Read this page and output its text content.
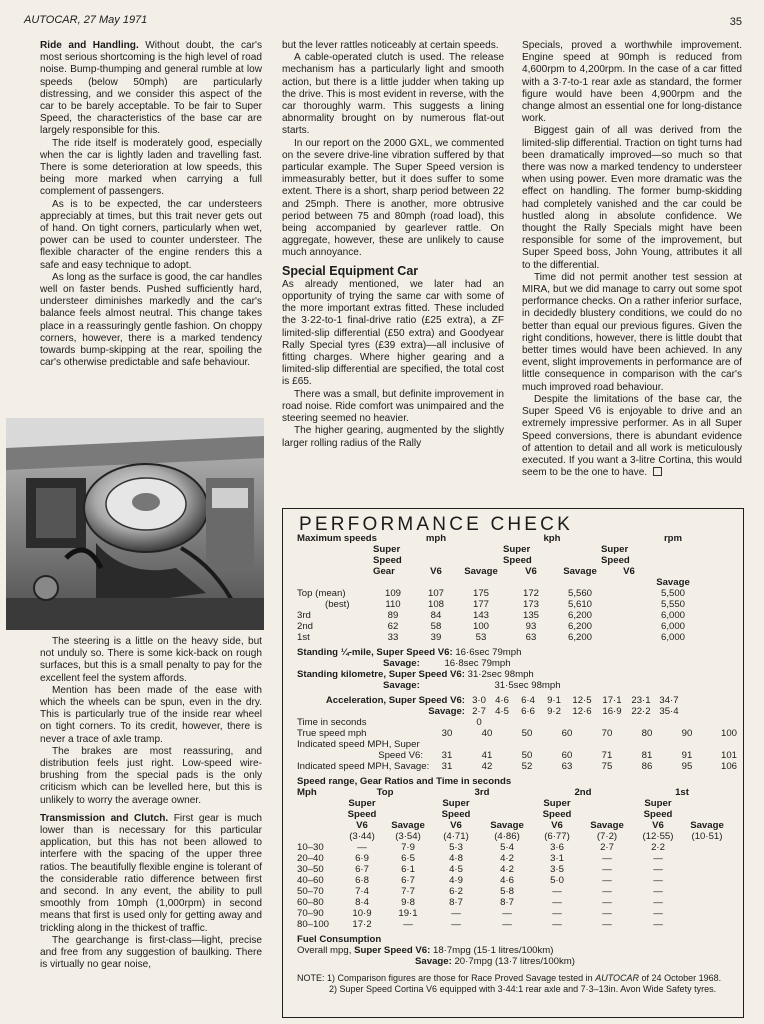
AUTOCAR, 27 May 1971	35

Ride and Handling. Without doubt, the car's most serious shortcoming is the high level of road noise. Bump-thumping and general rumble at low speeds (below 50mph) are particularly distressing, and we consider this aspect of the car to be barely acceptable. To be fair to Super Speed, the characteristics of the base car are largely responsible for this.

The ride itself is moderately good, especially when the car is lightly laden and travelling fast. There is some deterioration at low speeds, this being more marked when carrying a full complement of passengers.

As is to be expected, the car understeers appreciably at times, but this trait never gets out of hand. On tight corners, particularly when wet, power can be used to counter understeer. The flexible character of the engine renders this a safe and easy technique to adopt.

As long as the surface is good, the car handles well on faster bends. Pushed sufficiently hard, understeer diminishes markedly and the car's balance feels almost neutral. This change takes place in a reassuringly gentle fashion. On choppy corners, however, there is a marked tendency towards bump-skipping at the rear, spoiling the car's otherwise predictable and safe behaviour.

The steering is a little on the heavy side, but not unduly so. There is some kick-back on rough surfaces, but this is a small penalty to pay for the excellent feel the system affords.

Mention has been made of the ease with which the wheels can be spun, even in the dry. This is particularly true of the inside rear wheel on tight corners. To its credit, however, there is never a trace of axle tramp.

The brakes are most reassuring, and distribution feels just right. Low-speed wire-brushing from the special pads is the only criticism which can be levelled here, but this is unlikely to worry the average owner.

Transmission and Clutch. First gear is much lower than is necessary for this particular application, but this has not been allowed to interfere with the spacing of the upper three ratios. The beautifully flexible engine is tolerant of the considerable ratio difference between first and second. In any event, the ability to pull smoothly from 10mph (1,000rpm) in second means that first is used only for getting away and trickling along in the thickest of traffic.

The gearchange is first-class—light, precise and free from any suggestion of baulking. There is virtually no gear noise,

but the lever rattles noticeably at certain speeds.

A cable-operated clutch is used. The release mechanism has a particularly light and smooth action, but there is a little judder when taking up the drive. This is most evident in reverse, with the car thoroughly warm. This suggests a lining abnormality brought on by numerous flat-out starts.

In our report on the 2000 GXL, we commented on the severe drive-line vibration suffered by that particular example. The Super Speed version is immeasurably better, but it does suffer to some extent. There is a short, sharp period between 22 and 25mph. There is another, more obtrusive period between 75 and 80mph (road load), this being accompanied by gearlever rattle. On aggregate, however, these are unlikely to cause much annoyance.

Special Equipment Car

As already mentioned, we later had an opportunity of trying the same car with some of the more important extras fitted. These included the 3·22-to-1 final-drive ratio (£25 extra), a ZF limited-slip differential (£50 extra) and Goodyear Rally Special tyres (£39 extra)—all inclusive of fitting charges. Where higher gearing and a limited-slip differential are specified, the total cost is £65.

There was a small, but definite improvement in road noise. Ride comfort was unimpaired and the steering seemed no heavier.

The higher gearing, augmented by the slightly larger rolling radius of the Rally

Specials, proved a worthwhile improvement. Engine speed at 90mph is reduced from 4,600rpm to 4,200rpm. In the case of a car fitted with a 3·7-to-1 rear axle as standard, the former figure would have been 4,900rpm and the change almost an essential one for long-distance work.

Biggest gain of all was derived from the limited-slip differential. Traction on tight turns had been dramatically improved—so much so that there was now a marked tendency to understeer when using power. Even more dramatic was the effect on handling. The former bump-skidding had completely vanished and the car could be hustled along in absolute confidence. We thought the Rally Specials might have been responsible for some of the improvement, but Super Speed boss, John Young, attributes it all to the differential.

Time did not permit another test session at MIRA, but we did manage to carry out some spot performance checks. On a rather inferior surface, in decidedly blustery conditions, we could do no better than equal our previous figures. Given the right conditions, however, there is little doubt that better times would have been achieved. In any event, slight improvements in performance are of little consequence in comparison with the car's much improved road behaviour.

Despite the limitations of the base car, the Super Speed V6 is enjoyable to drive and an extremely impressive performer. As in all Super Speed conversions, there is abundant evidence of attention to detail and all work is meticulously executed. If you want a 3-litre Cortina, this would seem to be the one to have.

PERFORMANCE CHECK
Maximum speeds	mph	kph	rpm
Super Speed
Super Speed
Super Speed
Gear	V6	Savage	V6	Savage	V6
Savage
Top (mean)	109	107	175	172	5,560	5,500
(best)	110	108	177	173	5,610	5,550
3rd	89	84	143	135	6,200	6,000
2nd	62	58	100	93	6,200	6,000
1st	33	39	53	63	6,200	6,000
Standing ¼-mile, Super Speed V6: 16·6sec 79mph
Savage:	16·8sec 79mph
Standing kilometre, Super Speed V6: 31·2sec 98mph
Savage:	31·5sec 98mph
Acceleration, Super Speed V6: 3·0 4·6	6·4	9·1	12·5	17·1	23·1 34·7
Savage: 2·7 4·5	6·6	9·2	12·6	16·9	22·2 35·4
Time in seconds	0
True speed mph	30	40	50	60	70	80	90	100
Indicated speed MPH, Super
Speed V6:	31	41	50	60	71	81	91	101
Indicated speed MPH, Savage:	31	42	52	63	75	86	95	106
Speed range, Gear Ratios and Time in seconds
Mph	Top	3rd	2nd	1st
Super Speed
Super Speed
Super Speed
Super Speed
V6	Savage	V6	Savage	V6	Savage	V6	Savage
(3·44)	(3·54)	(4·71)	(4·86)	(6·77)	(7·2)	(12·55)	(10·51)
10–30	—	7·9	5·3	5·4	3·6	2·7	2·2
20–40	6·9	6·5	4·8	4·2	3·1	—	—
30–50	6·7	6·1	4·5	4·2	3·5	—	—
40–60	6·8	6·7	4·9	4·6	5·0	—	—
50–70	7·4	7·7	6·2	5·8	—	—	—
60–80	8·4	9·8	8·7	8·7	—	—	—
70–90	10·9	19·1	—	—	—	—	—
80–100	17·2	—	—	—	—	—	—
Fuel Consumption
Overall mpg, Super Speed V6: 18·7mpg (15·1 litres/100km)
Savage: 20·7mpg (13·7 litres/100km)
NOTE: 1) Comparison figures are those for Race Proved Savage tested in AUTOCAR of 24 October 1968.
2) Super Speed Cortina V6 equipped with 3·44:1 rear axle and 7·3–13in. Avon Wide Safety tyres.
